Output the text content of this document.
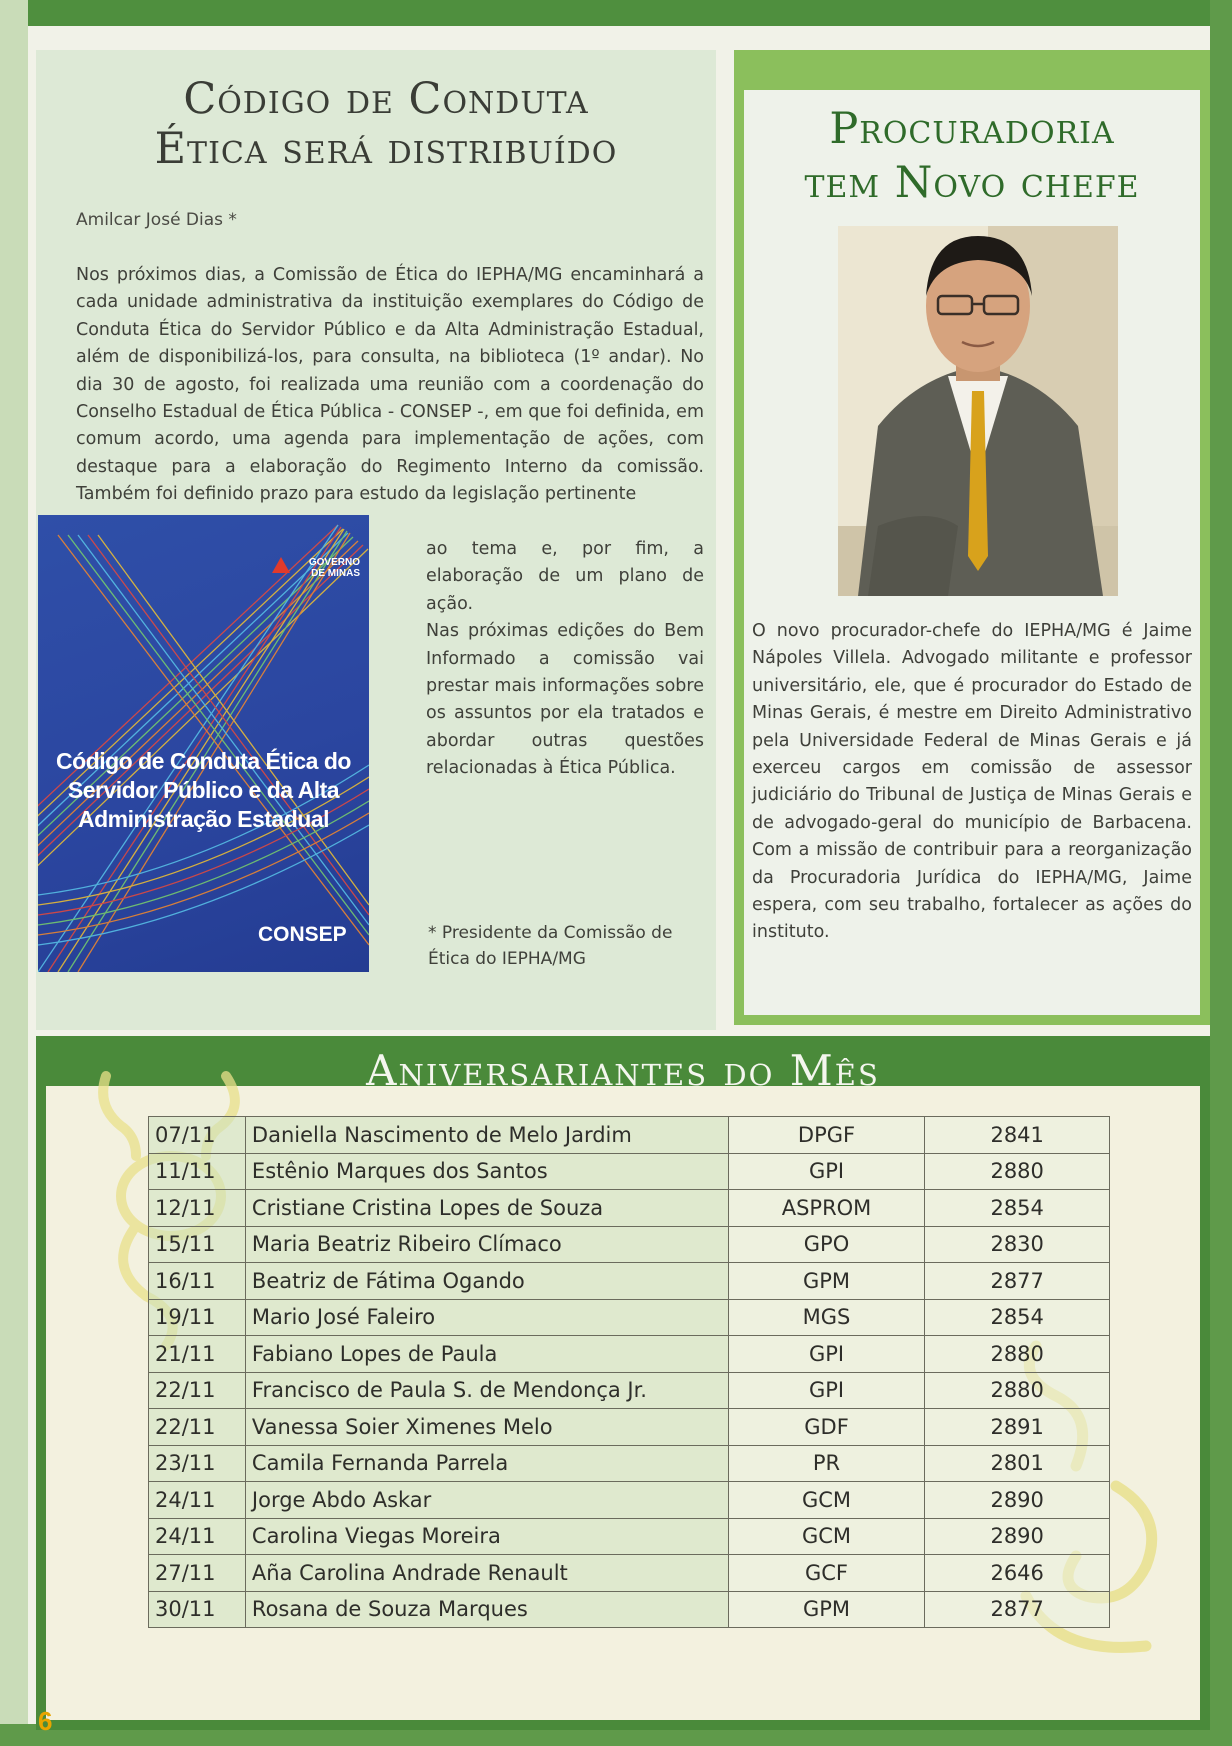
Código de Conduta
Ética será distribuído
Amilcar José Dias *

Nos próximos dias, a Comissão de Ética do IEPHA/MG encaminhará a cada unidade administrativa da instituição exemplares do Código de Conduta Ética do Servidor Público e da Alta Administração Estadual, além de disponibilizá-los, para consulta, na biblioteca (1º andar). No dia 30 de agosto, foi realizada uma reunião com a coordenação do Conselho Estadual de Ética Pública - CONSEP -, em que foi definida, em comum acordo, uma agenda para implementação de ações, com destaque para a elaboração do Regimento Interno da comissão. Também foi definido prazo para estudo da legislação pertinente

ao tema e, por fim, a elaboração de um plano de ação.
Nas próximas edições do Bem Informado a comissão vai prestar mais informações sobre os assuntos por ela tratados e abordar outras questões relacionadas à Ética Pública.

* Presidente da Comissão de Ética do IEPHA/MG

GOVERNO
DE MINAS
Código de Conduta Ética do Servidor Público e da Alta Administração Estadual
CONSEP
Procuradoria
tem Novo chefe

O novo procurador-chefe do IEPHA/MG é Jaime Nápoles Villela. Advogado militante e professor universitário, ele, que é procurador do Estado de Minas Gerais, é mestre em Direito Administrativo pela Universidade Federal de Minas Gerais e já exerceu cargos em comissão de assessor judiciário do Tribunal de Justiça de Minas Gerais e de advogado-geral do município de Barbacena. Com a missão de contribuir para a reorganização da Procuradoria Jurídica do IEPHA/MG, Jaime espera, com seu trabalho, fortalecer as ações do instituto.

Aniversariantes do Mês
07/11	Daniella Nascimento de Melo Jardim	DPGF	2841
11/11	Estênio Marques dos Santos	GPI	2880
12/11	Cristiane Cristina Lopes de Souza	ASPROM	2854
15/11	Maria Beatriz Ribeiro Clímaco	GPO	2830
16/11	Beatriz de Fátima Ogando	GPM	2877
19/11	Mario José Faleiro	MGS	2854
21/11	Fabiano Lopes de Paula	GPI	2880
22/11	Francisco de Paula S. de Mendonça Jr.	GPI	2880
22/11	Vanessa Soier Ximenes Melo	GDF	2891
23/11	Camila Fernanda Parrela	PR	2801
24/11	Jorge Abdo Askar	GCM	2890
24/11	Carolina Viegas Moreira	GCM	2890
27/11	Aña Carolina Andrade Renault	GCF	2646
30/11	Rosana de Souza Marques	GPM	2877
6
